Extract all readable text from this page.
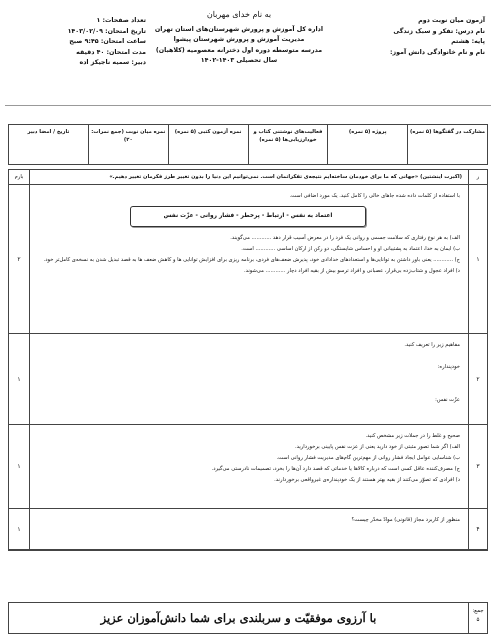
آزمون میان نوبت دوم
نام درس: تفکر و سبک زندگی
پایه: هشتم
نام و نام خانوادگی دانش آموز:
به نام خدای مهربان
اداره کل آموزش و پرورش شهرستان‌های استان تهران
مدیریت آموزش و پرورش شهرستان پیشوا
مدرسه متوسطه دوره اول دخترانه معصومیه (کلاهبان)
سال تحصیلی ۱۴۰۳-۱۴۰۲
تعداد صفحات: ۱
تاریخ امتحان: ۱۴۰۳/۰۲/۰۹
ساعت امتحان: ۹:۴۵ صبح
مدت امتحان: ۴۰ دقیقه
دبیر: سمیه ناجیکز اده
مشارکت در گفتگوها (۵ نمره)
پروژه (۵ نمره)
فعالیت‌های نوشتنی کتاب و خودارزیابی‌ها (۵ نمره)
نمره آزمون کتبی (۵ نمره)
نمره میان نوبت (جمع نمرات: ۲۰)
تاریخ / امضا دبیر
ر
(اکبرت اینشتین) «جهانی که ما برای خودمان ساخته‌ایم نتیجه‌ی تفکراتمان است. نمی‌توانیم این دنیا را بدون تغییر طرز فکرمان تغییر دهیم.»
بارم
۱
با استفاده از کلمات داده شده جاهای خالی را کامل کنید. یک مورد اضافی است.
اعتماد به نفس - ارتباط - پرخطر - فشار روانی - عزّت نفس
الف) به هر نوع رفتاری که سلامت جسمی و روانی یک فرد را در معرض آسیب قرار دهد ............ می‌گویند.
ب) ایمان به خدا، اعتماد به پشتیبانی او و احساس شایستگی، دو رکن از ارکان اساسی ............ است.
ج) ............ یعنی باور داشتن به توانایی‌ها و استعدادهای خدادادی خود، پذیرش ضعف‌های فردی، برنامه ریزی برای افزایش توانایی ها و کاهش ضعف ها به قصد تبدیل شدن به نسخه‌ی کامل‌تر خود.
د) افراد عجول و شتاب‌زده بی‌قرار، عصبانی و افراد ترسو بیش از بقیه افراد دچار ............ می‌شوند.
۲
۲
مفاهیم زیر را تعریف کنید.
خودپنداره:
عزّت نفس:
۱
۳
صحیح و غلط را در جملات زیر مشخص کنید.
الف) اگر شما تصور مثبتی از خود دارید یعنی از عزت نفس پایینی برخوردارید.
ب) شناسایی عوامل ایجاد فشار روانی از مهم‌ترین گام‌های مدیریت فشار روانی است.
ج) مصرف‌کننده عاقل کسی است که درباره کالاها یا خدماتی که قصد دارد آن‌ها را بخرد، تصمیمات نادرستی می‌گیرد.
د) افرادی که تصوّر می‌کنند از بقیه بهتر هستند از یک خودپنداره‌ی غیرواقعی برخوردارند.
۱
۴
منظور از کاربرد مجاز (قانونی) موادّ مخدّر چیست؟
۱
جمع:
۵
با آرزوی موفقیّت و سربلندی برای شما دانش‌آموزان عزیز
